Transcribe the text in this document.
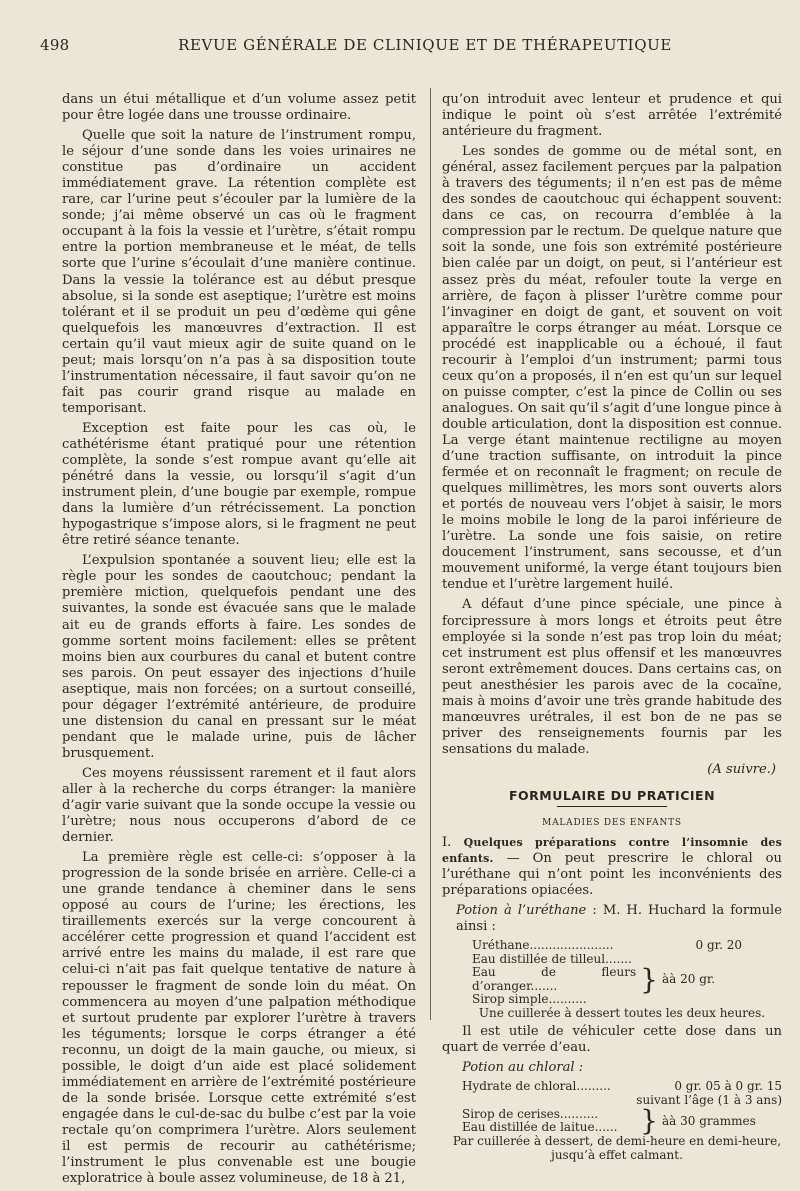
498	REVUE GÉNÉRALE DE CLINIQUE ET DE THÉRAPEUTIQUE

dans un étui métallique et d’un volume assez petit pour être logée dans une trousse ordinaire.

Quelle que soit la nature de l’instrument rompu, le séjour d’une sonde dans les voies urinaires ne constitue pas d’ordinaire un accident immédiatement grave. La rétention complète est rare, car l’urine peut s’écouler par la lumière de la sonde; j’ai même observé un cas où le fragment occupant à la fois la vessie et l’urètre, s’était rompu entre la portion membraneuse et le méat, de tells sorte que l’urine s’écoulait d’une manière continue. Dans la vessie la tolérance est au début presque absolue, si la sonde est aseptique; l’urètre est moins tolérant et il se produit un peu d’œdème qui gêne quelquefois les manœuvres d’extraction. Il est certain qu’il vaut mieux agir de suite quand on le peut; mais lorsqu’on n’a pas à sa disposition toute l’instrumentation nécessaire, il faut savoir qu’on ne fait pas courir grand risque au malade en temporisant.

Exception est faite pour les cas où, le cathétérisme étant pratiqué pour une rétention complète, la sonde s’est rompue avant qu’elle ait pénétré dans la vessie, ou lorsqu’il s’agit d’un instrument plein, d’une bougie par exemple, rompue dans la lumière d’un rétrécissement. La ponction hypogastrique s’impose alors, si le fragment ne peut être retiré séance tenante.

L’expulsion spontanée a souvent lieu; elle est la règle pour les sondes de caoutchouc; pendant la première miction, quelquefois pendant une des suivantes, la sonde est évacuée sans que le malade ait eu de grands efforts à faire. Les sondes de gomme sortent moins facilement: elles se prêtent moins bien aux courbures du canal et butent contre ses parois. On peut essayer des injections d’huile aseptique, mais non forcées; on a surtout conseillé, pour dégager l’extrémité antérieure, de produire une distension du canal en pressant sur le méat pendant que le malade urine, puis de lâcher brusquement.

Ces moyens réussissent rarement et il faut alors aller à la recherche du corps étranger: la manière d’agir varie suivant que la sonde occupe la vessie ou l’urètre; nous nous occuperons d’abord de ce dernier.

La première règle est celle-ci: s’opposer à la progression de la sonde brisée en arrière. Celle-ci a une grande tendance à cheminer dans le sens opposé au cours de l’urine; les érections, les tiraillements exercés sur la verge concourent à accélérer cette progression et quand l’accident est arrivé entre les mains du malade, il est rare que celui-ci n’ait pas fait quelque tentative de nature à repousser le fragment de sonde loin du méat. On commencera au moyen d’une palpation méthodique et surtout prudente par explorer l’urètre à travers les téguments; lorsque le corps étranger a été reconnu, un doigt de la main gauche, ou mieux, si possible, le doigt d’un aide est placé solidement immédiatement en arrière de l’extrémité postérieure de la sonde brisée. Lorsque cette extrémité s’est engagée dans le cul-de-sac du bulbe c’est par la voie rectale qu’on comprimera l’urètre. Alors seulement il est permis de recourir au cathétérisme; l’instrument le plus convenable est une bougie exploratrice à boule assez volumineuse, de 18 à 21,

qu’on introduit avec lenteur et prudence et qui indique le point où s’est arrêtée l’extrémité antérieure du fragment.

Les sondes de gomme ou de métal sont, en général, assez facilement perçues par la palpation à travers des téguments; il n’en est pas de même des sondes de caoutchouc qui échappent souvent: dans ce cas, on recourra d’emblée à la compression par le rectum. De quelque nature que soit la sonde, une fois son extrémité postérieure bien calée par un doigt, on peut, si l’antérieur est assez près du méat, refouler toute la verge en arrière, de façon à plisser l’urètre comme pour l’invaginer en doigt de gant, et souvent on voit apparaître le corps étranger au méat. Lorsque ce procédé est inapplicable ou a échoué, il faut recourir à l’emploi d’un instrument; parmi tous ceux qu’on a proposés, il n’en est qu’un sur lequel on puisse compter, c’est la pince de Collin ou ses analogues. On sait qu’il s’agit d’une longue pince à double articulation, dont la disposition est connue. La verge étant maintenue rectiligne au moyen d’une traction suffisante, on introduit la pince fermée et on reconnaît le fragment; on recule de quelques millimètres, les mors sont ouverts alors et portés de nouveau vers l’objet à saisir, le mors le moins mobile le long de la paroi inférieure de l’urètre. La sonde une fois saisie, on retire doucement l’instrument, sans secousse, et d’un mouvement uniformé, la verge étant toujours bien tendue et l’urètre largement huilé.

A défaut d’une pince spéciale, une pince à forcipressure à mors longs et étroits peut être employée si la sonde n’est pas trop loin du méat; cet instrument est plus offensif et les manœuvres seront extrêmement douces. Dans certains cas, on peut anesthésier les parois avec de la cocaïne, mais à moins d’avoir une très grande habitude des manœuvres urétrales, il est bon de ne pas se priver des renseignements fournis par les sensations du malade.

(A suivre.)
FORMULAIRE DU PRATICIEN
MALADIES DES ENFANTS

I. Quelques préparations contre l’insomnie des enfants. — On peut prescrire le chloral ou l’uréthane qui n’ont point les inconvénients des préparations opiacées.

Potion à l’uréthane : M. H. Huchard la formule ainsi :

Uréthane......................	0 gr. 20
Eau distillée de tilleul.......
Eau de fleurs d’oranger.......
Sirop simple..........
} àà 20 gr.
Une cuillerée à dessert toutes les deux heures.

Il est utile de véhiculer cette dose dans un quart de verrée d’eau.

Potion au chloral :

Hydrate de chloral.........	0 gr. 05 à 0 gr. 15
suivant l’âge (1 à 3 ans)
Sirop de cerises..........
Eau distillée de laitue...... } àà 30 grammes
Par cuillerée à dessert, de demi-heure en demi-heure, jusqu’à effet calmant.
